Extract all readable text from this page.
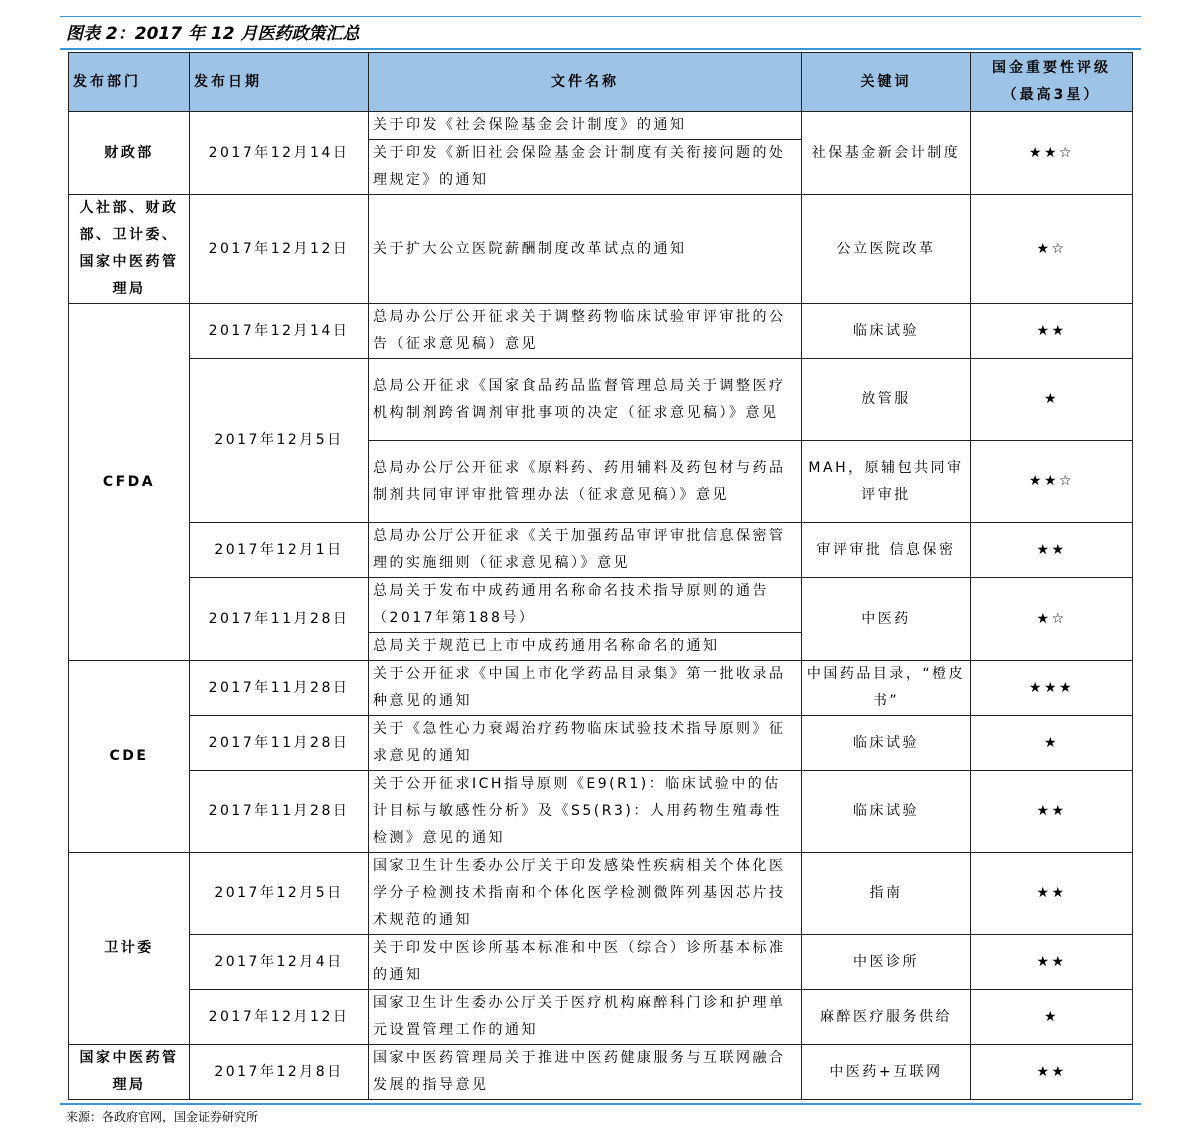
图表 2：2017 年 12 月医药政策汇总
发布部门	发布日期	文件名称	关键词	国金重要性评级
（最高3星）

财政部	2017年12月14日	关于印发《社会保险基金会计制度》的通知	社保基金新会计制度	★★☆
		关于印发《新旧社会保险基金会计制度有关衔接问题的处理规定》的通知		
人社部、财政部、卫计委、国家中医药管理局	2017年12月12日	关于扩大公立医院薪酬制度改革试点的通知	公立医院改革	★☆
CFDA	2017年12月14日	总局办公厅公开征求关于调整药物临床试验审评审批的公告（征求意见稿）意见	临床试验	★★
	2017年12月5日	总局公开征求《国家食品药品监督管理总局关于调整医疗机构制剂跨省调剂审批事项的决定（征求意见稿）》意见	放管服	★
		总局办公厅公开征求《原料药、药用辅料及药包材与药品制剂共同审评审批管理办法（征求意见稿）》意见	MAH，原辅包共同审评审批	★★☆
	2017年12月1日	总局办公厅公开征求《关于加强药品审评审批信息保密管理的实施细则（征求意见稿）》意见	审评审批 信息保密	★★
	2017年11月28日	总局关于发布中成药通用名称命名技术指导原则的通告（2017年第188号）	中医药	★☆
		总局关于规范已上市中成药通用名称命名的通知		
CDE	2017年11月28日	关于公开征求《中国上市化学药品目录集》第一批收录品种意见的通知	中国药品目录，“橙皮书”	★★★
	2017年11月28日	关于《急性心力衰竭治疗药物临床试验技术指导原则》征求意见的通知	临床试验	★
	2017年11月28日	关于公开征求ICH指导原则《E9(R1)：临床试验中的估计目标与敏感性分析》及《S5(R3)：人用药物生殖毒性检测》意见的通知	临床试验	★★
卫计委	2017年12月5日	国家卫生计生委办公厅关于印发感染性疾病相关个体化医学分子检测技术指南和个体化医学检测微阵列基因芯片技术规范的通知	指南	★★
	2017年12月4日	关于印发中医诊所基本标准和中医（综合）诊所基本标准的通知	中医诊所	★★
	2017年12月12日	国家卫生计生委办公厅关于医疗机构麻醉科门诊和护理单元设置管理工作的通知	麻醉医疗服务供给	★
国家中医药管理局	2017年12月8日	国家中医药管理局关于推进中医药健康服务与互联网融合发展的指导意见	中医药+互联网	★★
来源：各政府官网，国金证券研究所
